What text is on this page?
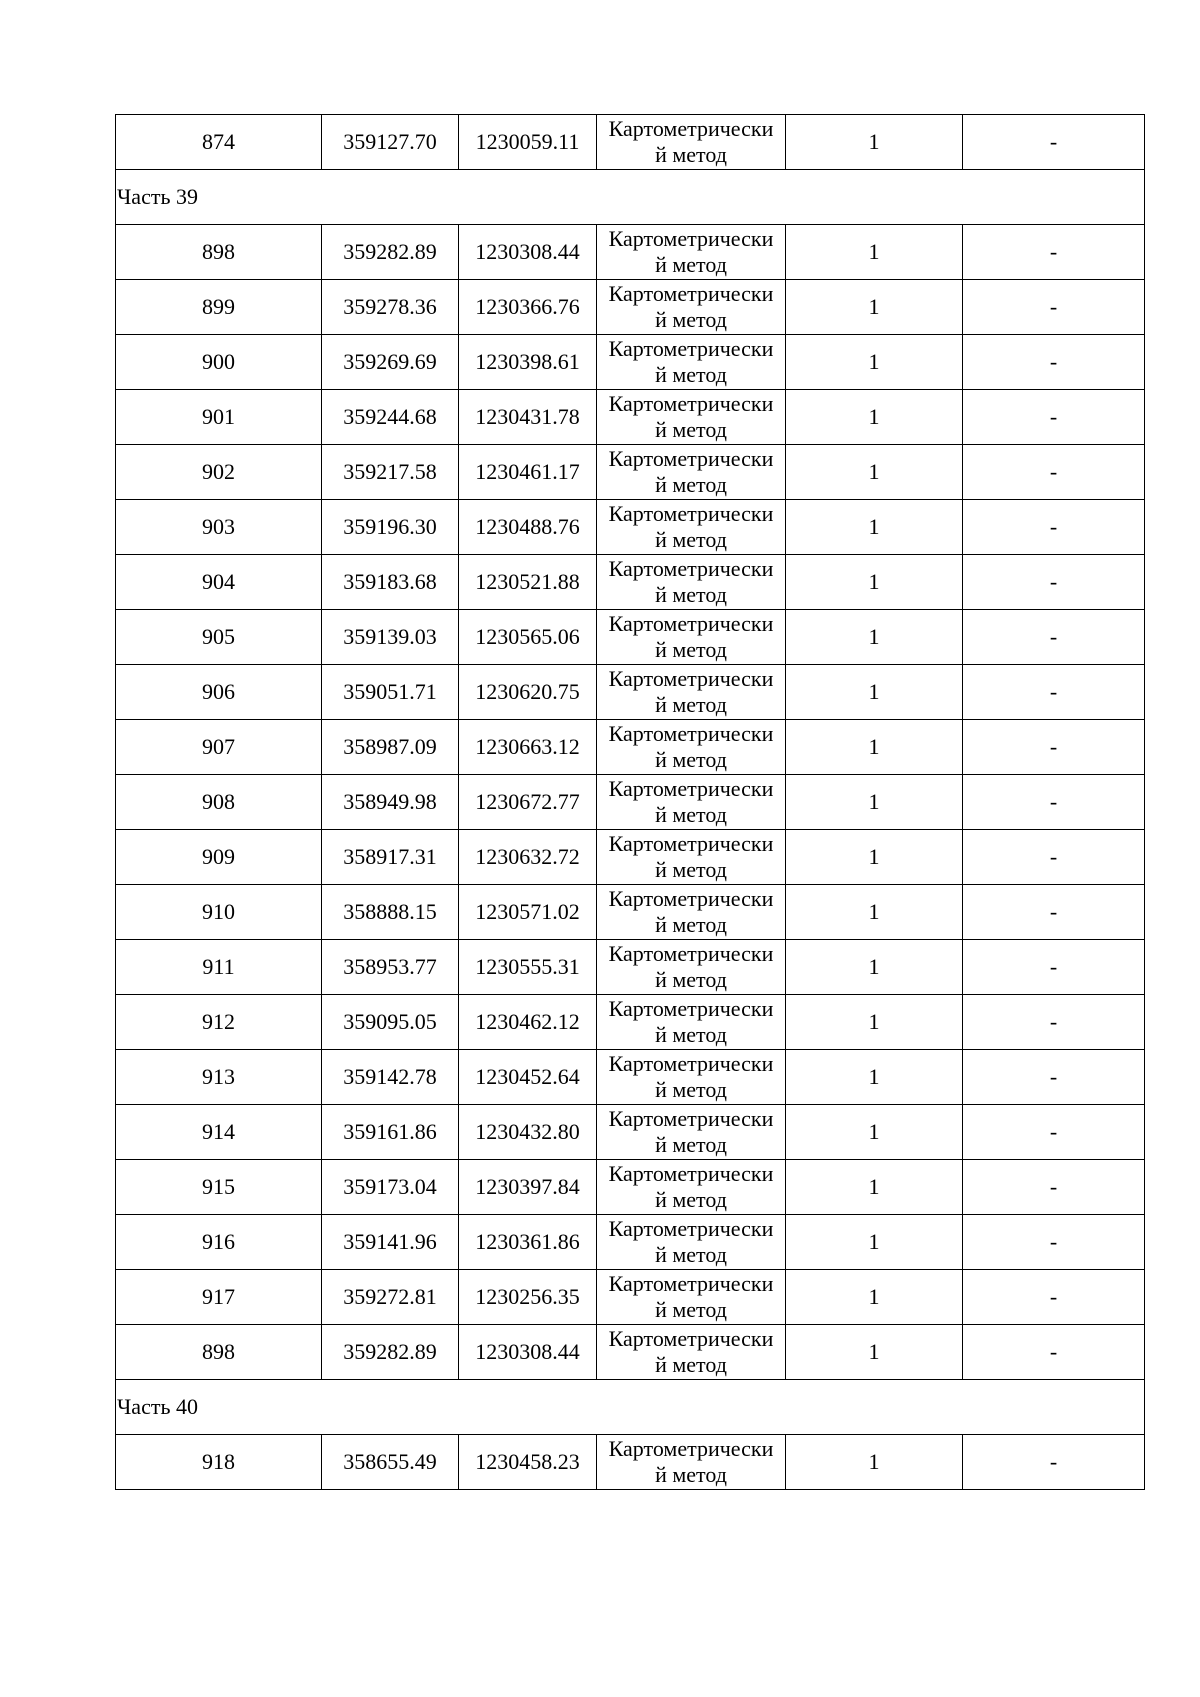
874	359127.70	1230059.11	Картометрически
й метод	1	-
Часть 39					
898	359282.89	1230308.44	Картометрически
й метод	1	-
899	359278.36	1230366.76	Картометрически
й метод	1	-
900	359269.69	1230398.61	Картометрически
й метод	1	-
901	359244.68	1230431.78	Картометрически
й метод	1	-
902	359217.58	1230461.17	Картометрически
й метод	1	-
903	359196.30	1230488.76	Картометрически
й метод	1	-
904	359183.68	1230521.88	Картометрически
й метод	1	-
905	359139.03	1230565.06	Картометрически
й метод	1	-
906	359051.71	1230620.75	Картометрически
й метод	1	-
907	358987.09	1230663.12	Картометрически
й метод	1	-
908	358949.98	1230672.77	Картометрически
й метод	1	-
909	358917.31	1230632.72	Картометрически
й метод	1	-
910	358888.15	1230571.02	Картометрически
й метод	1	-
911	358953.77	1230555.31	Картометрически
й метод	1	-
912	359095.05	1230462.12	Картометрически
й метод	1	-
913	359142.78	1230452.64	Картометрически
й метод	1	-
914	359161.86	1230432.80	Картометрически
й метод	1	-
915	359173.04	1230397.84	Картометрически
й метод	1	-
916	359141.96	1230361.86	Картометрически
й метод	1	-
917	359272.81	1230256.35	Картометрически
й метод	1	-
898	359282.89	1230308.44	Картометрически
й метод	1	-
Часть 40					
918	358655.49	1230458.23	Картометрически
й метод	1	-
